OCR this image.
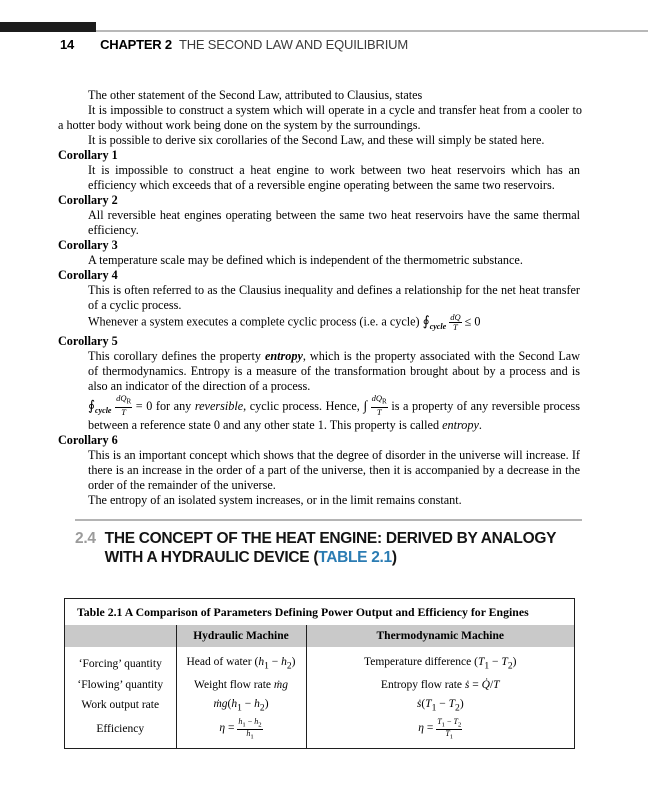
14 CHAPTER 2 THE SECOND LAW AND EQUILIBRIUM

The other statement of the Second Law, attributed to Clausius, states

It is impossible to construct a system which will operate in a cycle and transfer heat from a cooler to a hotter body without work being done on the system by the surroundings.

It is possible to derive six corollaries of the Second Law, and these will simply be stated here.

Corollary 1

It is impossible to construct a heat engine to work between two heat reservoirs which has an efficiency which exceeds that of a reversible engine operating between the same two reservoirs.

Corollary 2

All reversible heat engines operating between the same two heat reservoirs have the same thermal efficiency.

Corollary 3

A temperature scale may be defined which is independent of the thermometric substance.

Corollary 4

This is often referred to as the Clausius inequality and defines a relationship for the net heat transfer of a cyclic process.

Whenever a system executes a complete cyclic process (i.e. a cycle) $∮_{cycle} \frac{dQ}{T} \le 0$

Corollary 5

This corollary defines the property entropy, which is the property associated with the Second Law of thermodynamics. Entropy is a measure of the transformation brought about by a process and is also an indicator of the direction of a process.

$∮_{cycle} \frac{dQ_R}{T} = 0$ for any reversible, cyclic process. Hence, ∫ $\frac{dQ_R}{T}$ is a property of any reversible process between a reference state 0 and any other state 1. This property is called entropy.

Corollary 6

This is an important concept which shows that the degree of disorder in the universe will increase. If there is an increase in the order of a part of the universe, then it is accompanied by a decrease in the order of the remainder of the universe.

The entropy of an isolated system increases, or in the limit remains constant.

2.4 THE CONCEPT OF THE HEAT ENGINE: DERIVED BY ANALOGY WITH A HYDRAULIC DEVICE (TABLE 2.1)
Table 2.1 A Comparison of Parameters Defining Power Output and Efficiency for Engines
	Hydraulic Machine	Thermodynamic Machine
‘Forcing’ quantity	Head of water $(h_1 - h_2)$	Temperature difference $(T_1 - T_2)$
‘Flowing’ quantity	Weight flow rate ṁg	Entropy flow rate ṡ = Q̇/T
Work output rate	$ṁg(h_1 - h_2)$	$ṡ(T_1 - T_2)$
Efficiency	$\eta = \frac{h_1 - h_2}{h_1}$	$\eta = \frac{T_1 - T_2}{T_1}$
